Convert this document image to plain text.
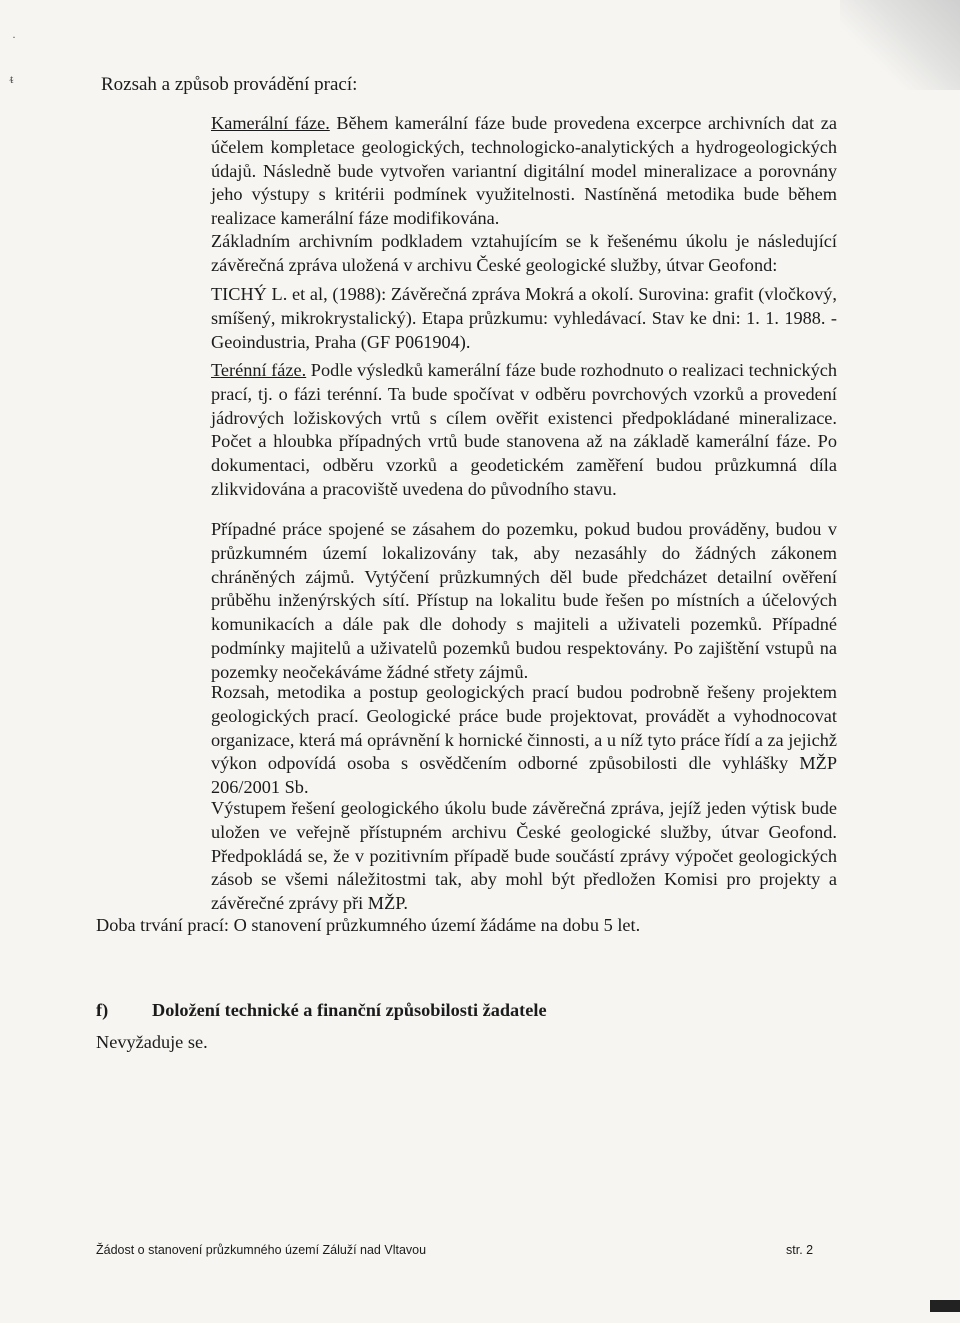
·
ᵵ	Rozsah a způsob provádění prací:

Kamerální fáze. Během kamerální fáze bude provedena excerpce archivních dat za účelem kompletace geologických, technologicko-analytických a hydrogeologických údajů. Následně bude vytvořen variantní digitální model mineralizace a porovnány jeho výstupy s kritérii podmínek využitelnosti. Nastíněná metodika bude během realizace kamerální fáze modifikována.

Základním archivním podkladem vztahujícím se k řešenému úkolu je následující závěrečná zpráva uložená v archivu České geologické služby, útvar Geofond:

TICHÝ L. et al, (1988): Závěrečná zpráva Mokrá a okolí. Surovina: grafit (vločkový, smíšený, mikrokrystalický). Etapa průzkumu: vyhledávací. Stav ke dni: 1. 1. 1988. - Geoindustria, Praha (GF P061904).

Terénní fáze. Podle výsledků kamerální fáze bude rozhodnuto o realizaci technických prací, tj. o fázi terénní. Ta bude spočívat v odběru povrchových vzorků a provedení jádrových ložiskových vrtů s cílem ověřit existenci předpokládané mineralizace. Počet a hloubka případných vrtů bude stanovena až na základě kamerální fáze. Po dokumentaci, odběru vzorků a geodetickém zaměření budou průzkumná díla zlikvidována a pracoviště uvedena do původního stavu.

Případné práce spojené se zásahem do pozemku, pokud budou prováděny, budou v průzkumném území lokalizovány tak, aby nezasáhly do žádných zákonem chráněných zájmů. Vytýčení průzkumných děl bude předcházet detailní ověření průběhu inženýrských sítí. Přístup na lokalitu bude řešen po místních a účelových komunikacích a dále pak dle dohody s majiteli a uživateli pozemků. Případné podmínky majitelů a uživatelů pozemků budou respektovány. Po zajištění vstupů na pozemky neočekáváme žádné střety zájmů.

Rozsah, metodika a postup geologických prací budou podrobně řešeny projektem geologických prací. Geologické práce bude projektovat, provádět a vyhodnocovat organizace, která má oprávnění k hornické činnosti, a u níž tyto práce řídí a za jejichž výkon odpovídá osoba s osvědčením odborné způsobilosti dle vyhlášky MŽP 206/2001 Sb.

Výstupem řešení geologického úkolu bude závěrečná zpráva, jejíž jeden výtisk bude uložen ve veřejně přístupném archivu České geologické služby, útvar Geofond. Předpokládá se, že v pozitivním případě bude součástí zprávy výpočet geologických zásob se všemi náležitostmi tak, aby mohl být předložen Komisi pro projekty a závěrečné zprávy při MŽP.

Doba trvání prací: O stanovení průzkumného území žádáme na dobu 5 let.
f) Doložení technické a finanční způsobilosti žadatele
Nevyžaduje se.
Žádost o stanovení průzkumného území Záluží nad Vltavou	str. 2
